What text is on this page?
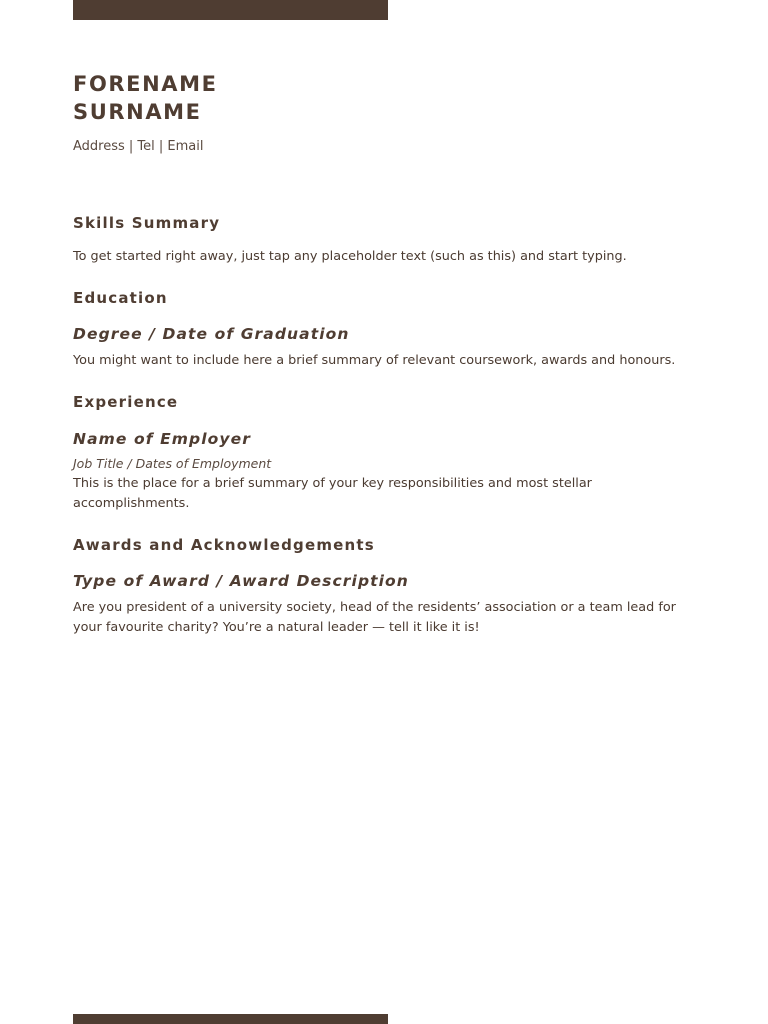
FORENAME
SURNAME
Address | Tel | Email
Skills Summary

To get started right away, just tap any placeholder text (such as this) and start typing.

Education
Degree / Date of Graduation

You might want to include here a brief summary of relevant coursework, awards and honours.

Experience
Name of Employer

Job Title / Dates of Employment

This is the place for a brief summary of your key responsibilities and most stellar accomplishments.

Awards and Acknowledgements
Type of Award / Award Description

Are you president of a university society, head of the residents’ association or a team lead for your favourite charity? You’re a natural leader — tell it like it is!
